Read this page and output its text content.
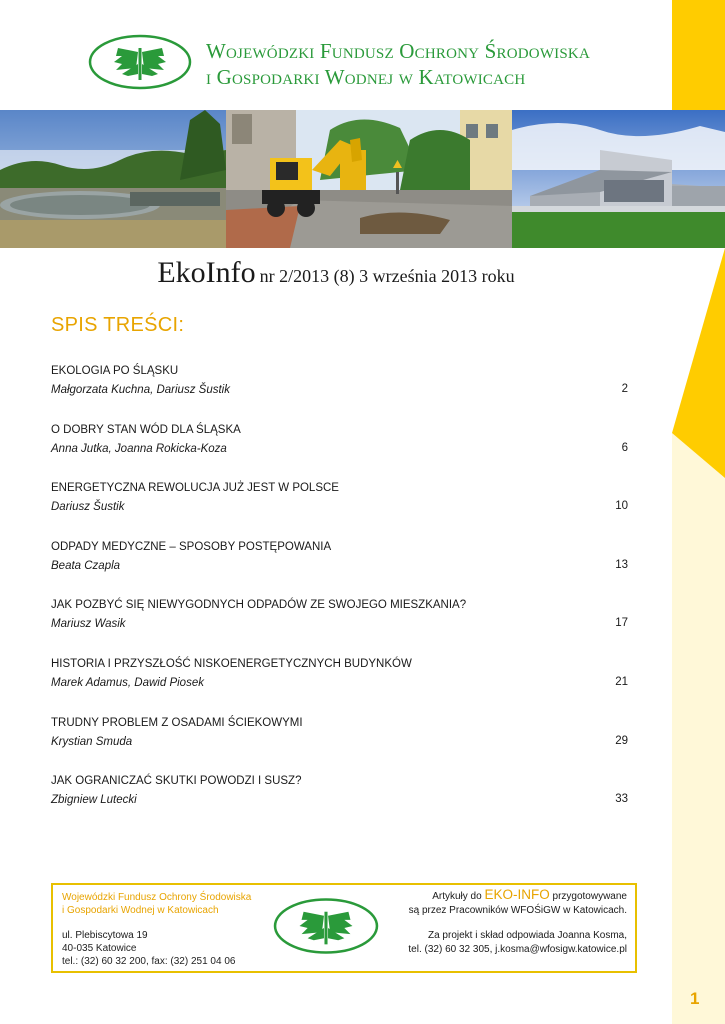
Wojewódzki Fundusz Ochrony Środowiska
i Gospodarki Wodnej w Katowicach
EkoInfo nr 2/2013 (8) 3 września 2013 roku
SPIS TREŚCI:
EKOLOGIA PO ŚLĄSKU
Małgorzata Kuchna, Dariusz Šustik	2
O DOBRY STAN WÓD DLA ŚLĄSKA
Anna Jutka, Joanna Rokicka-Koza	6
ENERGETYCZNA REWOLUCJA JUŻ JEST W POLSCE
Dariusz Šustik	10
ODPADY MEDYCZNE – SPOSOBY POSTĘPOWANIA
Beata Czapla	13
JAK POZBYĆ SIĘ NIEWYGODNYCH ODPADÓW ZE SWOJEGO MIESZKANIA?
Mariusz Wasik	17
HISTORIA I PRZYSZŁOŚĆ NISKOENERGETYCZNYCH BUDYNKÓW
Marek Adamus, Dawid Piosek	21
TRUDNY PROBLEM Z OSADAMI ŚCIEKOWYMI
Krystian Smuda	29
JAK OGRANICZAĆ SKUTKI POWODZI I SUSZ?
Zbigniew Lutecki	33
Wojewódzki Fundusz Ochrony Środowiska
i Gospodarki Wodnej w Katowicach
ul. Plebiscytowa 19
40-035 Katowice
tel.: (32) 60 32 200, fax: (32) 251 04 06
Artykuły do EKO-INFO przygotowywane
są przez Pracowników WFOŚiGW w Katowicach.
Za projekt i skład odpowiada Joanna Kosma,
tel. (32) 60 32 305, j.kosma@wfosigw.katowice.pl
1
